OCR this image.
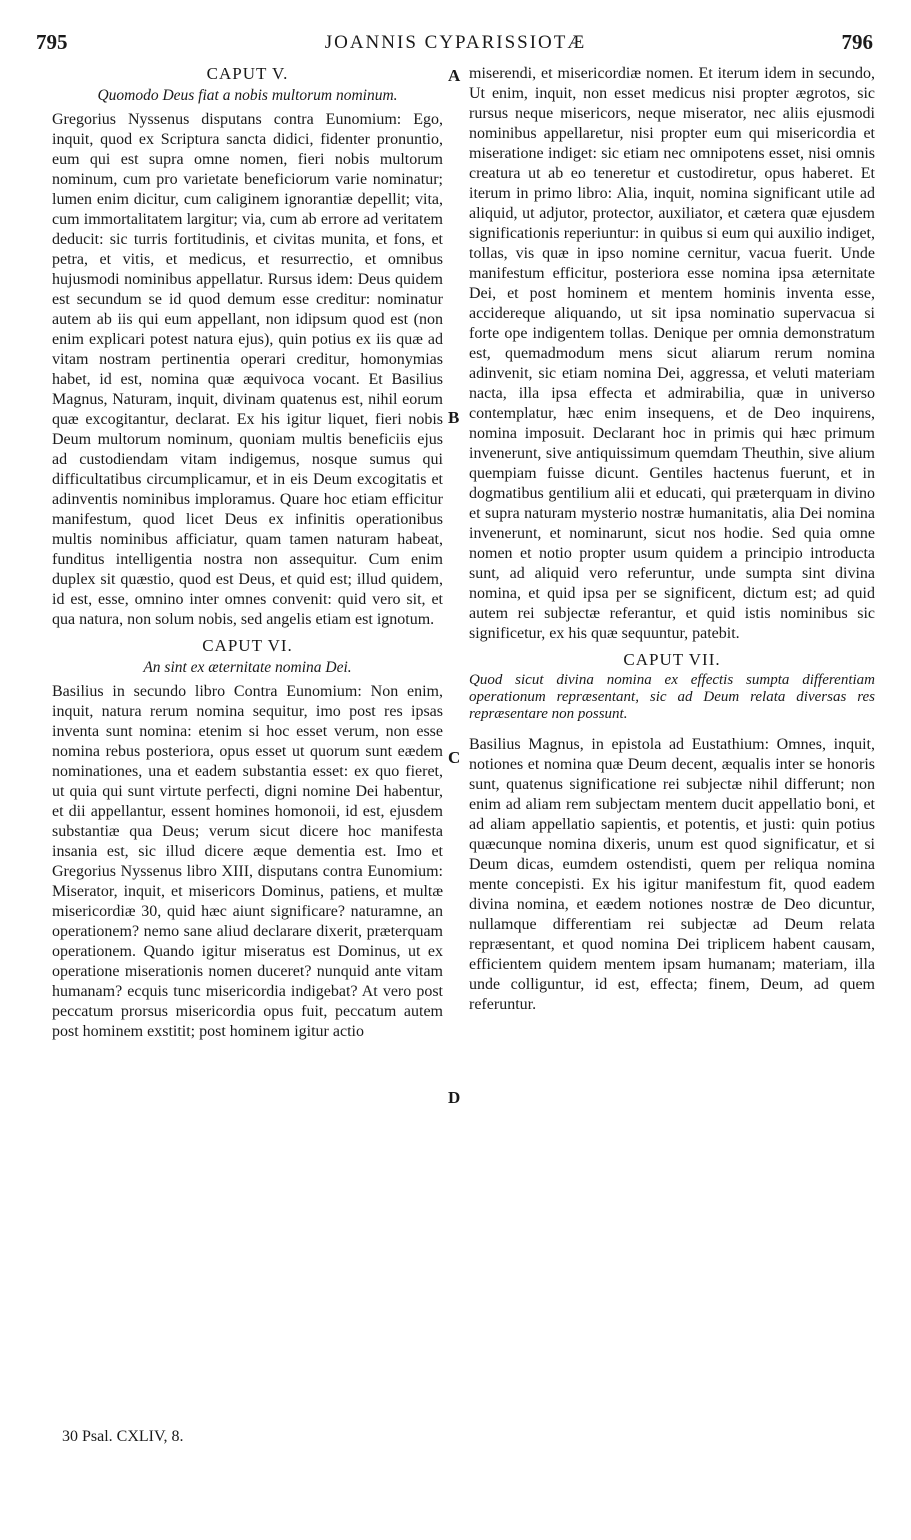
795	JOANNIS CYPARISSIOTÆ	796
A
B
C
D
CAPUT V.
Quomodo Deus fiat a nobis multorum nominum.

Gregorius Nyssenus disputans contra Eunomium: Ego, inquit, quod ex Scriptura sancta didici, fidenter pronuntio, eum qui est supra omne nomen, fieri nobis multorum nominum, cum pro varietate beneficiorum varie nominatur; lumen enim dicitur, cum caliginem ignorantiæ depellit; vita, cum immortalitatem largitur; via, cum ab errore ad veritatem deducit: sic turris fortitudinis, et civitas munita, et fons, et petra, et vitis, et medicus, et resurrectio, et omnibus hujusmodi nominibus appellatur. Rursus idem: Deus quidem est secundum se id quod demum esse creditur: nominatur autem ab iis qui eum appellant, non idipsum quod est (non enim explicari potest natura ejus), quin potius ex iis quæ ad vitam nostram pertinentia operari creditur, homonymias habet, id est, nomina quæ æquivoca vocant. Et Basilius Magnus, Naturam, inquit, divinam quatenus est, nihil eorum quæ excogitantur, declarat. Ex his igitur liquet, fieri nobis Deum multorum nominum, quoniam multis beneficiis ejus ad custodiendam vitam indigemus, nosque sumus qui difficultatibus circumplicamur, et in eis Deum excogitatis et adinventis nominibus imploramus. Quare hoc etiam efficitur manifestum, quod licet Deus ex infinitis operationibus multis nominibus afficiatur, quam tamen naturam habeat, funditus intelligentia nostra non assequitur. Cum enim duplex sit quæstio, quod est Deus, et quid est; illud quidem, id est, esse, omnino inter omnes convenit: quid vero sit, et qua natura, non solum nobis, sed angelis etiam est ignotum.

CAPUT VI.
An sint ex æternitate nomina Dei.

Basilius in secundo libro Contra Eunomium: Non enim, inquit, natura rerum nomina sequitur, imo post res ipsas inventa sunt nomina: etenim si hoc esset verum, non esse nomina rebus posteriora, opus esset ut quorum sunt eædem nominationes, una et eadem substantia esset: ex quo fieret, ut quia qui sunt virtute perfecti, digni nomine Dei habentur, et dii appellantur, essent homines homonoii, id est, ejusdem substantiæ qua Deus; verum sicut dicere hoc manifesta insania est, sic illud dicere æque dementia est. Imo et Gregorius Nyssenus libro XIII, disputans contra Eunomium: Miserator, inquit, et misericors Dominus, patiens, et multæ misericordiæ 30, quid hæc aiunt significare? naturamne, an operationem? nemo sane aliud declarare dixerit, præterquam operationem. Quando igitur miseratus est Dominus, ut ex operatione miserationis nomen duceret? nunquid ante vitam humanam? ecquis tunc misericordia indigebat? At vero post peccatum prorsus misericordia opus fuit, peccatum autem post hominem exstitit; post hominem igitur actio

miserendi, et misericordiæ nomen. Et iterum idem in secundo, Ut enim, inquit, non esset medicus nisi propter ægrotos, sic rursus neque misericors, neque miserator, nec aliis ejusmodi nominibus appellaretur, nisi propter eum qui misericordia et miseratione indiget: sic etiam nec omnipotens esset, nisi omnis creatura ut ab eo teneretur et custodiretur, opus haberet. Et iterum in primo libro: Alia, inquit, nomina significant utile ad aliquid, ut adjutor, protector, auxiliator, et cætera quæ ejusdem significationis reperiuntur: in quibus si eum qui auxilio indiget, tollas, vis quæ in ipso nomine cernitur, vacua fuerit. Unde manifestum efficitur, posteriora esse nomina ipsa æternitate Dei, et post hominem et mentem hominis inventa esse, accidereque aliquando, ut sit ipsa nominatio supervacua si forte ope indigentem tollas. Denique per omnia demonstratum est, quemadmodum mens sicut aliarum rerum nomina adinvenit, sic etiam nomina Dei, aggressa, et veluti materiam nacta, illa ipsa effecta et admirabilia, quæ in universo contemplatur, hæc enim insequens, et de Deo inquirens, nomina imposuit. Declarant hoc in primis qui hæc primum invenerunt, sive antiquissimum quemdam Theuthin, sive alium quempiam fuisse dicunt. Gentiles hactenus fuerunt, et in dogmatibus gentilium alii et educati, qui præterquam in divino et supra naturam mysterio nostræ humanitatis, alia Dei nomina invenerunt, et nominarunt, sicut nos hodie. Sed quia omne nomen et notio propter usum quidem a principio introducta sunt, ad aliquid vero referuntur, unde sumpta sint divina nomina, et quid ipsa per se significent, dictum est; ad quid autem rei subjectæ referantur, et quid istis nominibus sic significetur, ex his quæ sequuntur, patebit.

CAPUT VII.
Quod sicut divina nomina ex effectis sumpta differentiam operationum repræsentant, sic ad Deum relata diversas res repræsentare non possunt.

Basilius Magnus, in epistola ad Eustathium: Omnes, inquit, notiones et nomina quæ Deum decent, æqualis inter se honoris sunt, quatenus significatione rei subjectæ nihil differunt; non enim ad aliam rem subjectam mentem ducit appellatio boni, et ad aliam appellatio sapientis, et potentis, et justi: quin potius quæcunque nomina dixeris, unum est quod significatur, et si Deum dicas, eumdem ostendisti, quem per reliqua nomina mente concepisti. Ex his igitur manifestum fit, quod eadem divina nomina, et eædem notiones nostræ de Deo dicuntur, nullamque differentiam rei subjectæ ad Deum relata repræsentant, et quod nomina Dei triplicem habent causam, efficientem quidem mentem ipsam humanam; materiam, illa unde colliguntur, id est, effecta; finem, Deum, ad quem referuntur.

30 Psal. CXLIV, 8.
